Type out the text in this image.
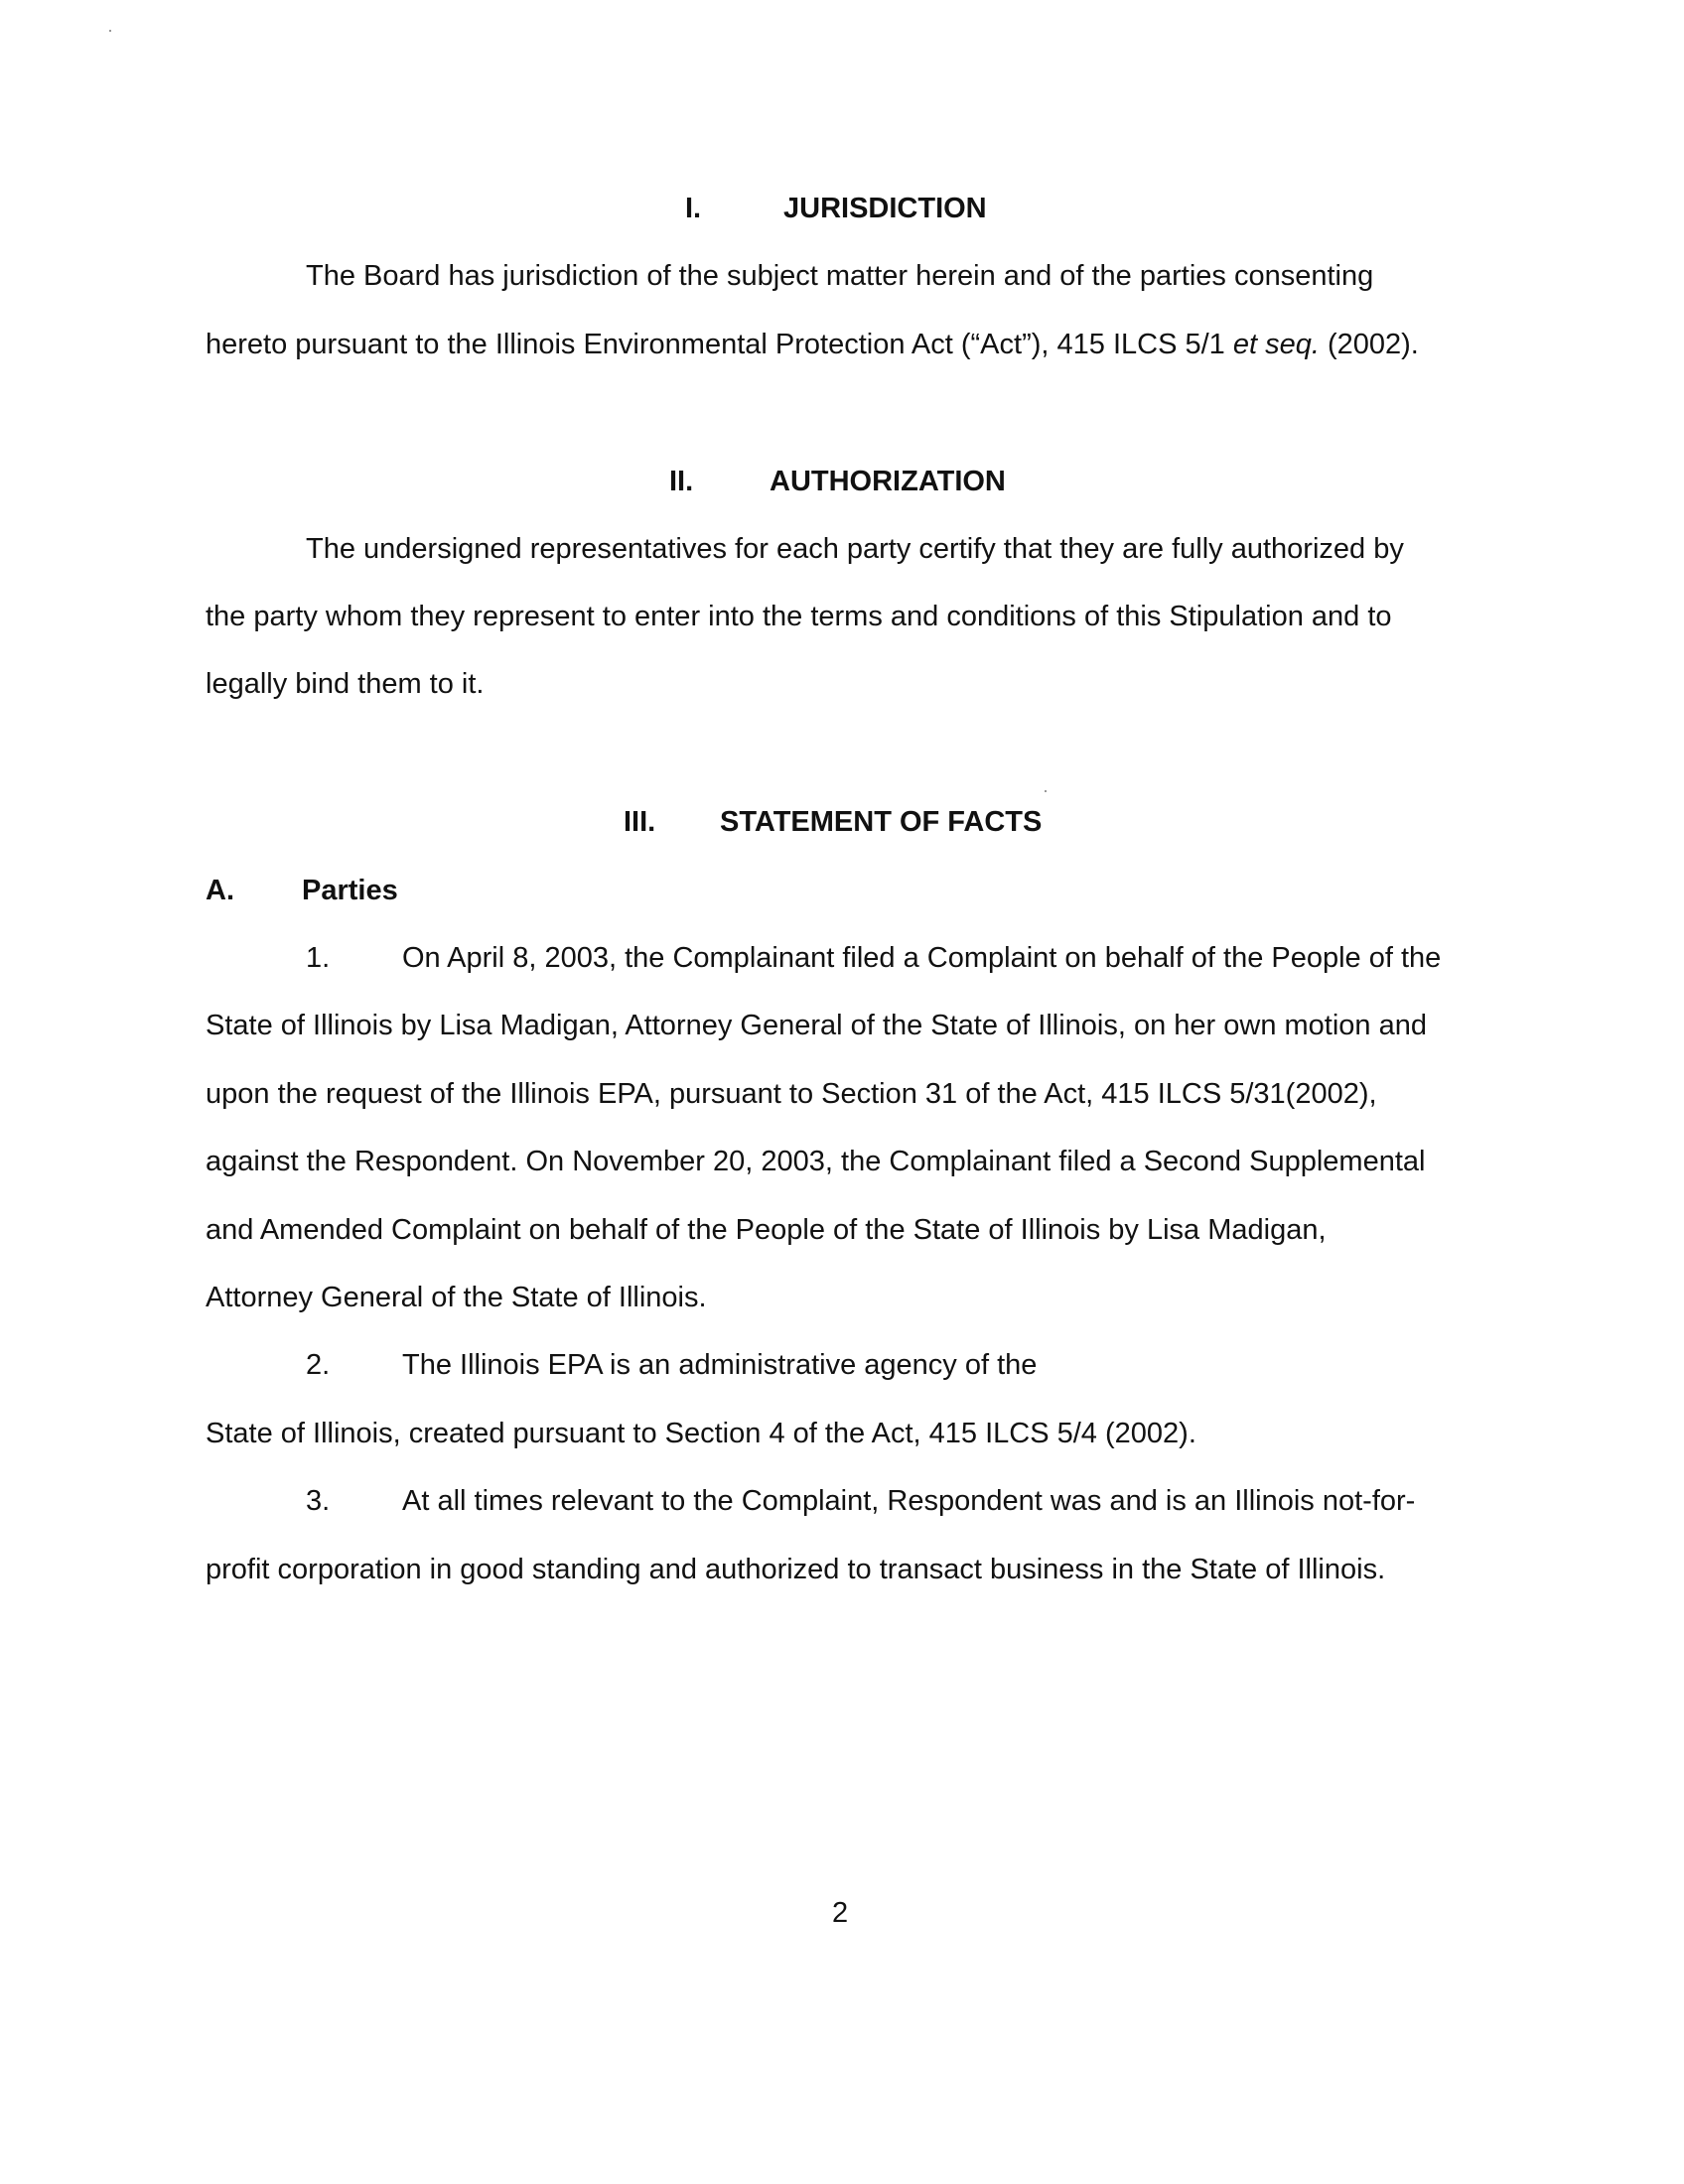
I.	JURISDICTION
The Board has jurisdiction of the subject matter herein and of the parties consenting
hereto pursuant to the Illinois Environmental Protection Act (“Act”), 415 ILCS 5/1 et seq. (2002).
II.	AUTHORIZATION
The undersigned representatives for each party certify that they are fully authorized by
the party whom they represent to enter into the terms and conditions of this Stipulation and to
legally bind them to it.
III. STATEMENT OF FACTS
A. Parties
1.	On April 8, 2003, the Complainant filed a Complaint on behalf of the People of the
State of Illinois by Lisa Madigan, Attorney General of the State of Illinois, on her own motion and
upon the request of the Illinois EPA, pursuant to Section 31 of the Act, 415 ILCS 5/31(2002),
against the Respondent. On November 20, 2003, the Complainant filed a Second Supplemental
and Amended Complaint on behalf of the People of the State of Illinois by Lisa Madigan,
Attorney General of the State of Illinois.
2.	The Illinois EPA is an administrative agency of the
State of Illinois, created pursuant to Section 4 of the Act, 415 ILCS 5/4 (2002).
3.	At all times relevant to the Complaint, Respondent was and is an Illinois not-for-
profit corporation in good standing and authorized to transact business in the State of Illinois.
2
